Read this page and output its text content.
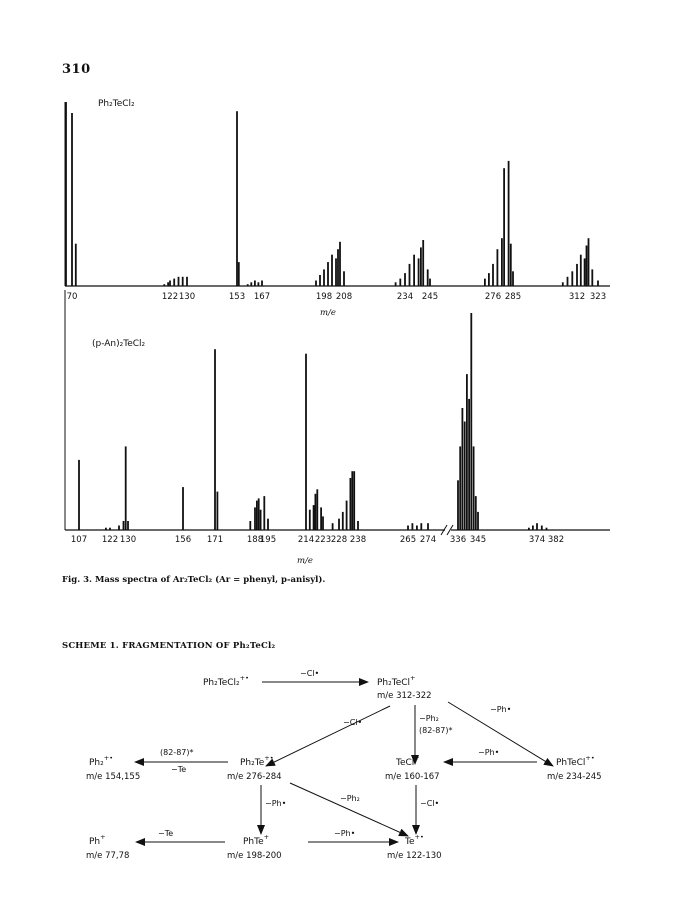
310
Ph₂TeCl₂
70	122 130	153 167	198 208	234 245	276 285	312 323
m/e
(p-An)₂TeCl₂
107 122 130	156 171	188
195	214 223 228 238	265 274 336 345	374 382
m/e
Ph₂TeCl₂+•	−Cl•
Ph₂TeCl+
m/e 312-322
−Cl•	−Ph₂
(82-87)*
−Ph•
Ph₂+•
m/e 154,155
(82-87)*
−Te
Ph₂Te+•
m/e 276-284
TeCl+
m/e 160-167
−Ph•
PhTeCl+•
m/e 234-245
−Ph•
−Ph₂
−Cl•
Ph+
m/e 77,78
−Te
PhTe+
m/e 198-200
−Ph•
Te+•
m/e 122-130
Fig. 3. Mass spectra of Ar₂TeCl₂ (Ar = phenyl, p-anisyl).
SCHEME 1. FRAGMENTATION OF Ph₂TeCl₂
